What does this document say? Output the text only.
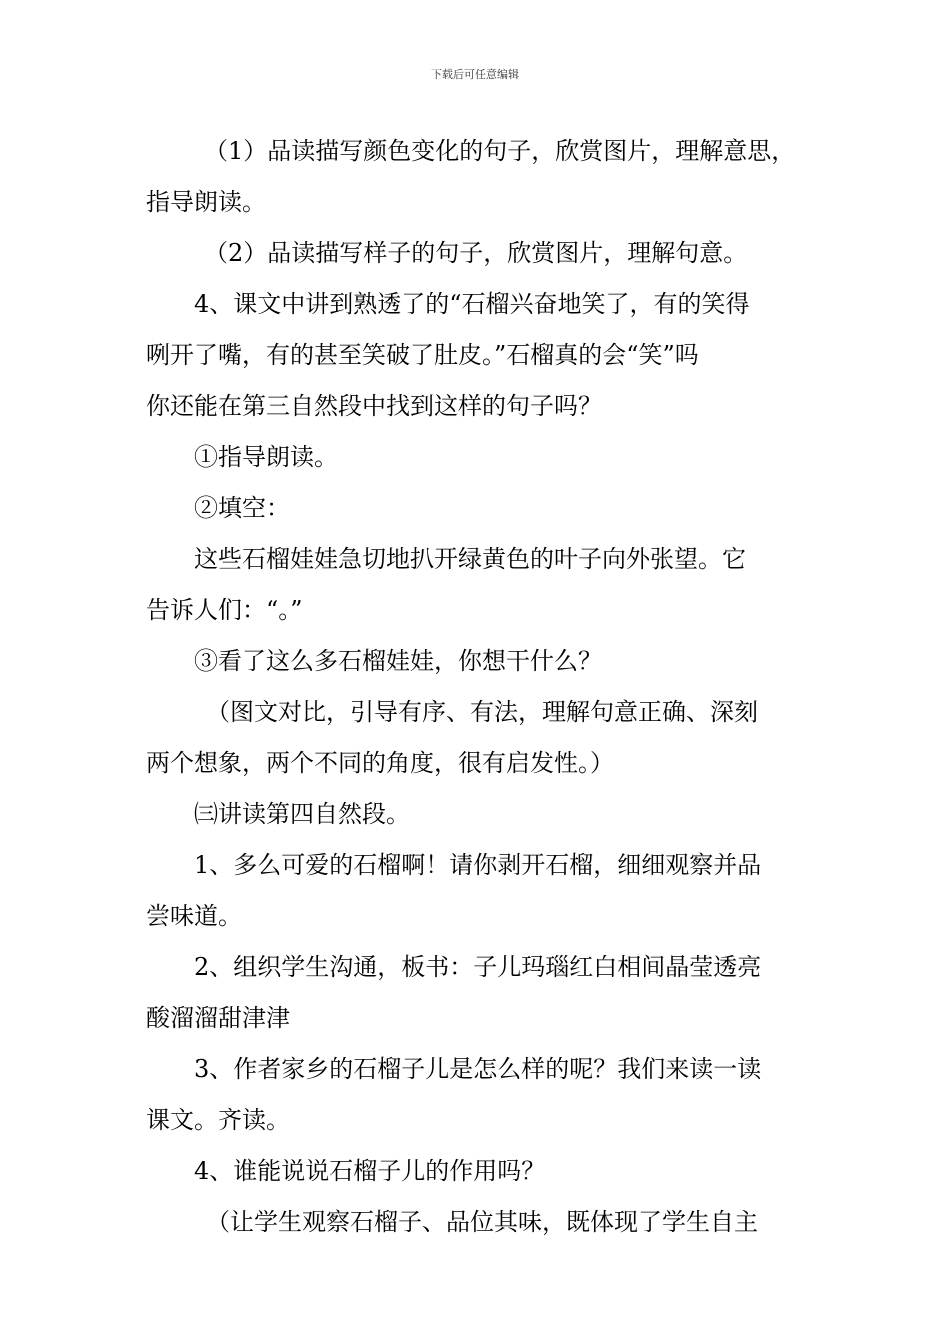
下载后可任意编辑
（1）品读描写颜色变化的句子，欣赏图片，理解意思，
指导朗读。
（2）品读描写样子的句子，欣赏图片，理解句意。
4、课文中讲到熟透了的“石榴兴奋地笑了，有的笑得
咧开了嘴，有的甚至笑破了肚皮。”石榴真的会“笑”吗
你还能在第三自然段中找到这样的句子吗？
①指导朗读。
②填空：
这些石榴娃娃急切地扒开绿黄色的叶子向外张望。它
告诉人们：“。”
③看了这么多石榴娃娃，你想干什么？
（图文对比，引导有序、有法，理解句意正确、深刻
两个想象，两个不同的角度，很有启发性。）
㈢讲读第四自然段。
1、多么可爱的石榴啊！请你剥开石榴，细细观察并品
尝味道。
2、组织学生沟通，板书：子儿玛瑙红白相间晶莹透亮
酸溜溜甜津津
3、作者家乡的石榴子儿是怎么样的呢？我们来读一读
课文。齐读。
4、谁能说说石榴子儿的作用吗？
（让学生观察石榴子、品位其味，既体现了学生自主
